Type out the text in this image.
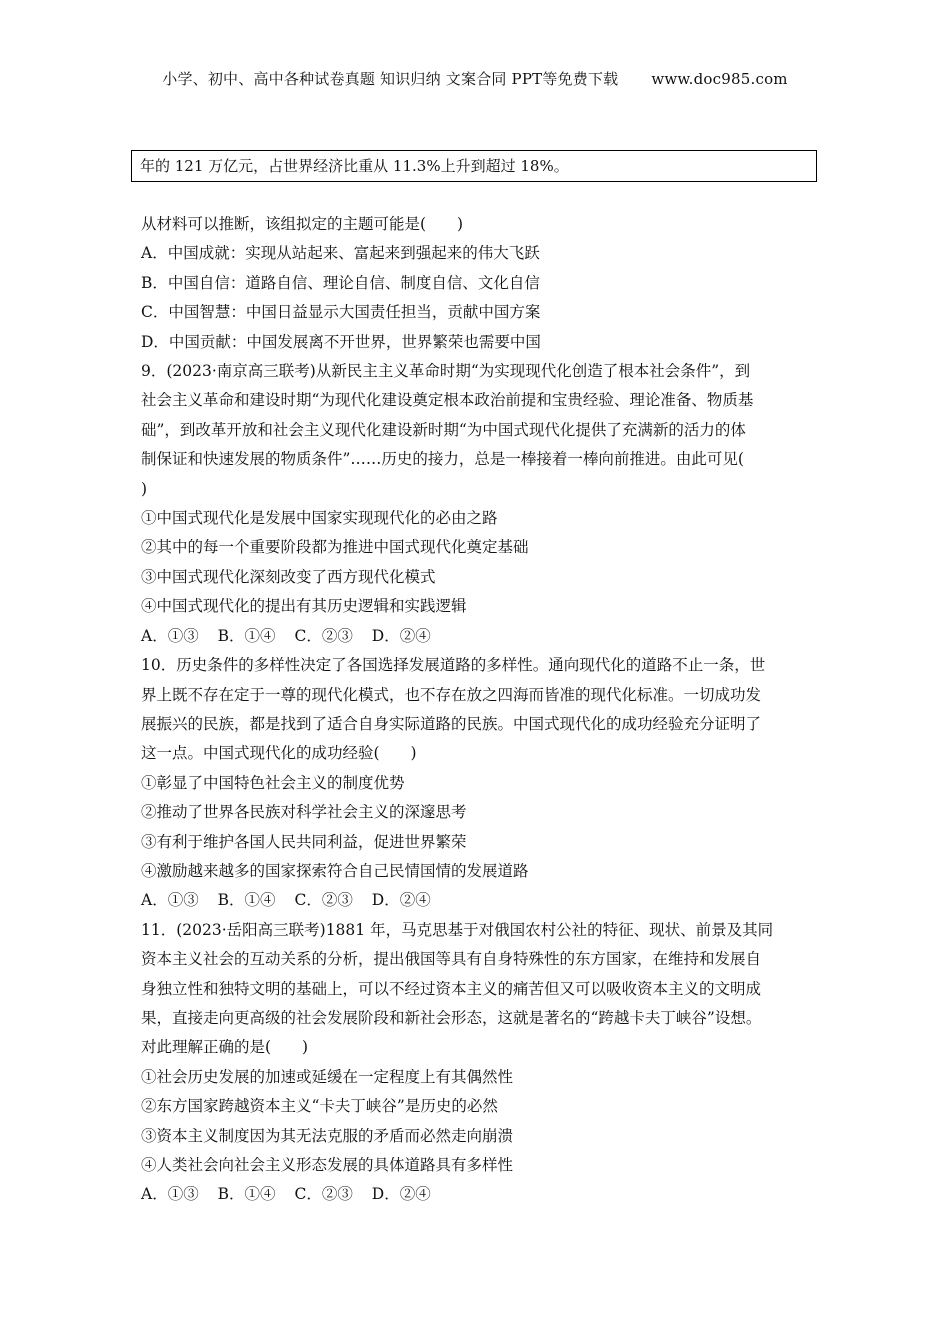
小学、初中、高中各种试卷真题 知识归纳 文案合同 PPT等免费下载 www.doc985.com
年的 121 万亿元，占世界经济比重从 11.3%上升到超过 18%。
从材料可以推断，该组拟定的主题可能是(　　)
A．中国成就：实现从站起来、富起来到强起来的伟大飞跃
B．中国自信：道路自信、理论自信、制度自信、文化自信
C．中国智慧：中国日益显示大国责任担当，贡献中国方案
D．中国贡献：中国发展离不开世界，世界繁荣也需要中国
9．(2023·南京高三联考)从新民主主义革命时期“为实现现代化创造了根本社会条件”，到
社会主义革命和建设时期“为现代化建设奠定根本政治前提和宝贵经验、理论准备、物质基
础”，到改革开放和社会主义现代化建设新时期“为中国式现代化提供了充满新的活力的体
制保证和快速发展的物质条件”……历史的接力，总是一棒接着一棒向前推进。由此可见(
)
①中国式现代化是发展中国家实现现代化的必由之路
②其中的每一个重要阶段都为推进中国式现代化奠定基础
③中国式现代化深刻改变了西方现代化模式
④中国式现代化的提出有其历史逻辑和实践逻辑
A．①③ B．①④ C．②③ D．②④
10．历史条件的多样性决定了各国选择发展道路的多样性。通向现代化的道路不止一条，世
界上既不存在定于一尊的现代化模式，也不存在放之四海而皆准的现代化标准。一切成功发
展振兴的民族，都是找到了适合自身实际道路的民族。中国式现代化的成功经验充分证明了
这一点。中国式现代化的成功经验(　　)
①彰显了中国特色社会主义的制度优势
②推动了世界各民族对科学社会主义的深邃思考
③有利于维护各国人民共同利益，促进世界繁荣
④激励越来越多的国家探索符合自己民情国情的发展道路
A．①③ B．①④ C．②③ D．②④
11．(2023·岳阳高三联考)1881 年，马克思基于对俄国农村公社的特征、现状、前景及其同
资本主义社会的互动关系的分析，提出俄国等具有自身特殊性的东方国家，在维持和发展自
身独立性和独特文明的基础上，可以不经过资本主义的痛苦但又可以吸收资本主义的文明成
果，直接走向更高级的社会发展阶段和新社会形态，这就是著名的“跨越卡夫丁峡谷”设想。
对此理解正确的是(　　)
①社会历史发展的加速或延缓在一定程度上有其偶然性
②东方国家跨越资本主义“卡夫丁峡谷”是历史的必然
③资本主义制度因为其无法克服的矛盾而必然走向崩溃
④人类社会向社会主义形态发展的具体道路具有多样性
A．①③ B．①④ C．②③ D．②④
